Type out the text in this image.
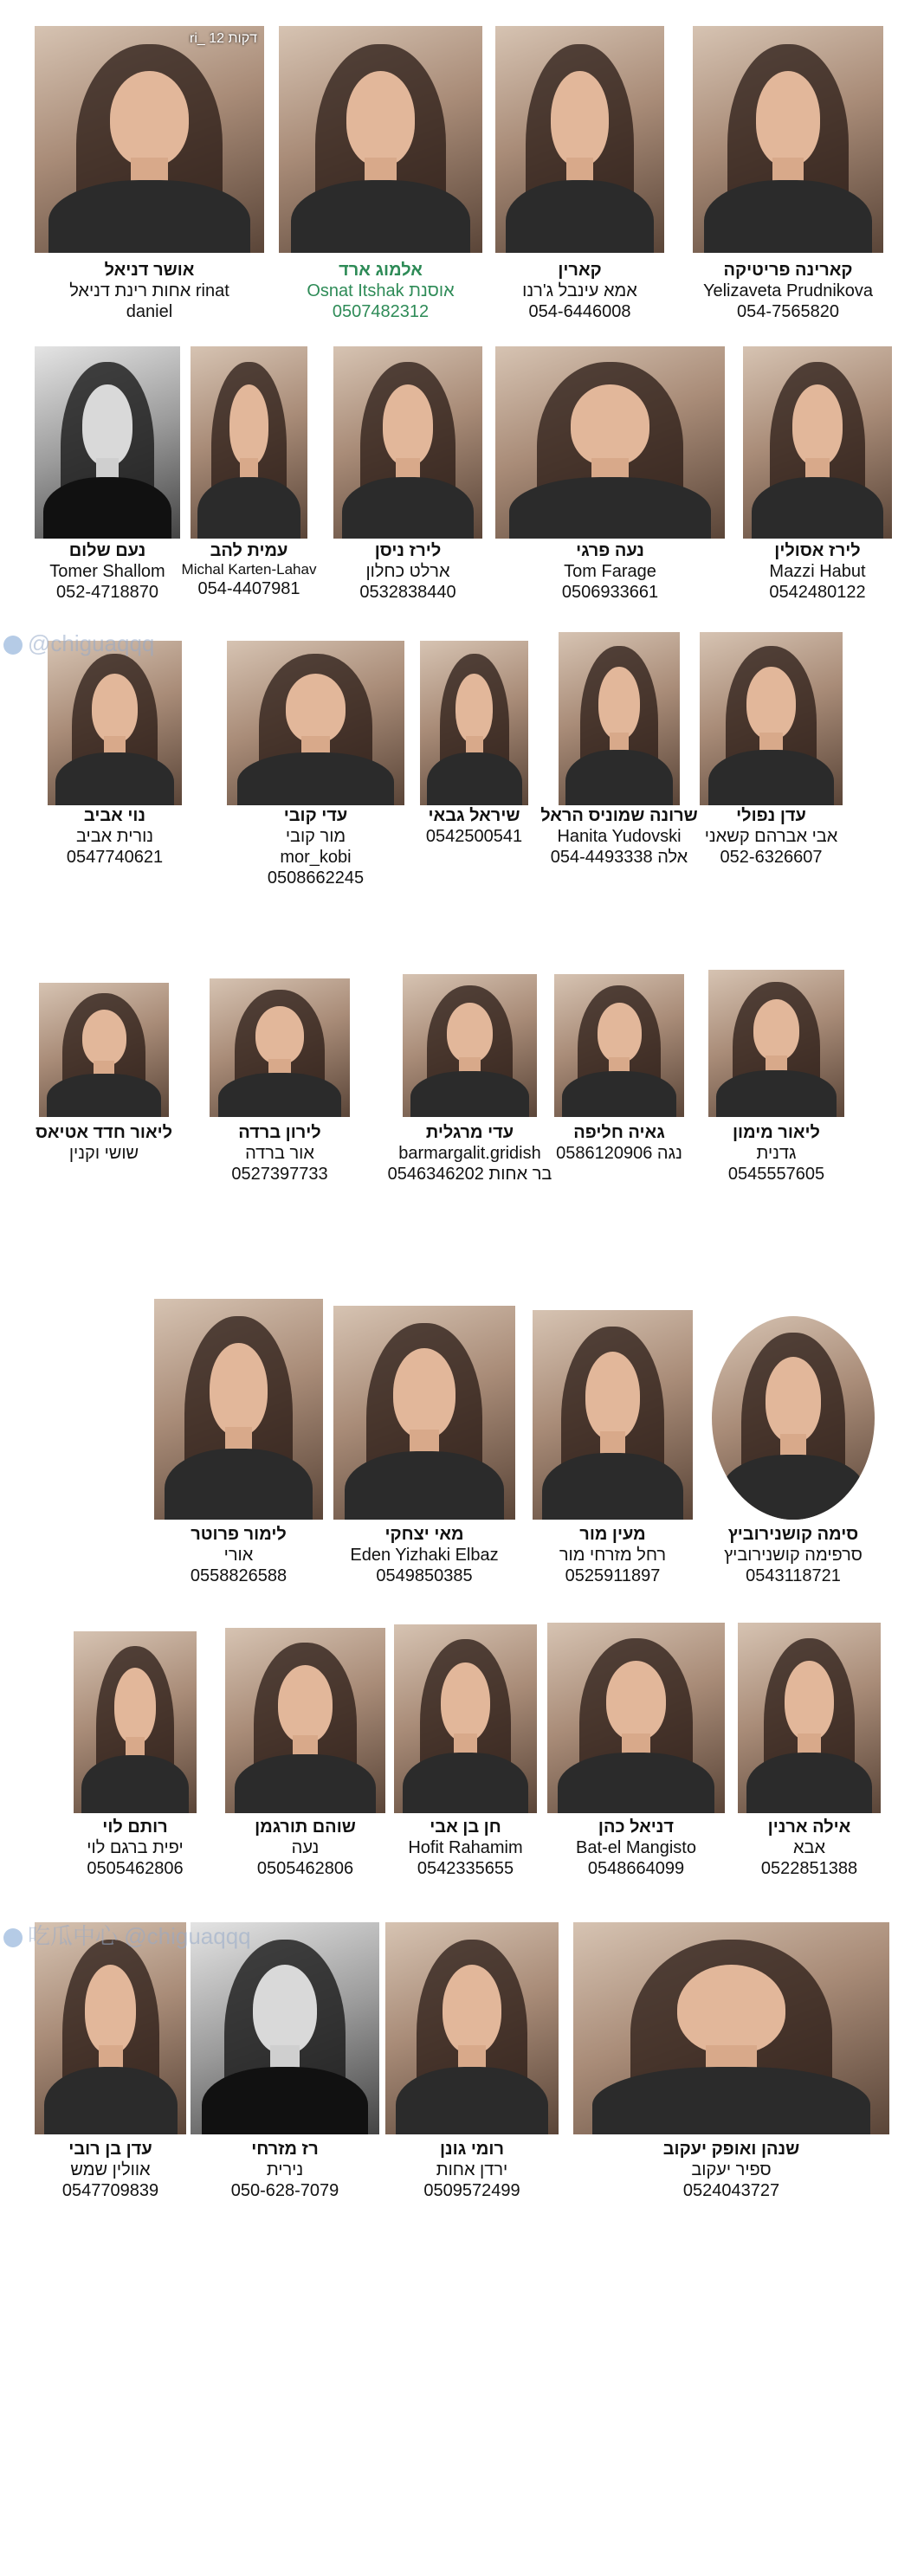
ri_ 12 דקות
אושר דניאל
אחות רינת דניאל rinat
daniel
אלמוג ארד
Osnat Itshak אוסנת
0507482312
קארין
אמא עינבל ג'רנו
054-6446008
קארינה פריטיקה
Yelizaveta Prudnikova
054-7565820
נעם שלום
Tomer Shallom
052-4718870
עמית להב
Michal Karten-Lahav
054-4407981
לירז ניסן
ארלט כחלון
0532838440
נעה פרגי
Tom Farage
0506933661
לירז אסולין
Mazzi Habut
0542480122
נוי אביב
נורית אביב
0547740621
עדי קובי
מור קובי
mor_kobi
0508662245
שיראל גבאי
0542500541
שרונה שמוניס הראל
Hanita Yudovski
אלה 054-4493338
עדן נפולי
אבי אברהם קשאני
052-6326607
ליאור חדד אטיאס
שושי וקנין
לירון ברדה
אור ברדה
0527397733
עדי מרגלית
barmargalit.gridish
בר אחות 0546346202
גאיה חליפה
נגה 0586120906
ליאור מימון
גדנית
0545557605
לימור פרוטר
אורי
0558826588
מאי יצחקי
Eden Yizhaki Elbaz
0549850385
מעין מור
רחל מזרחי מור
0525911897
סימה קושנירוביץ
סרפימה קושנירוביץ
0543118721
רותם לוי
יפית ברגם לוי
0505462806
שוהם תורגמן
נעה
0505462806
חן בן אבי
Hofit Rahamim
0542335655
דניאל כהן
Bat-el Mangisto
0548664099
אילה ארנין
אבא
0522851388
עדן בן רובי
אוולין שמש
0547709839
רז מזרחי
נירית
050-628-7079
רומי גונן
ירדן אחות
0509572499
שנהן ואופק יעקוב
ספיר יעקוב
0524043727
@chiguaqqq
吃瓜中心 @chiguaqqq
